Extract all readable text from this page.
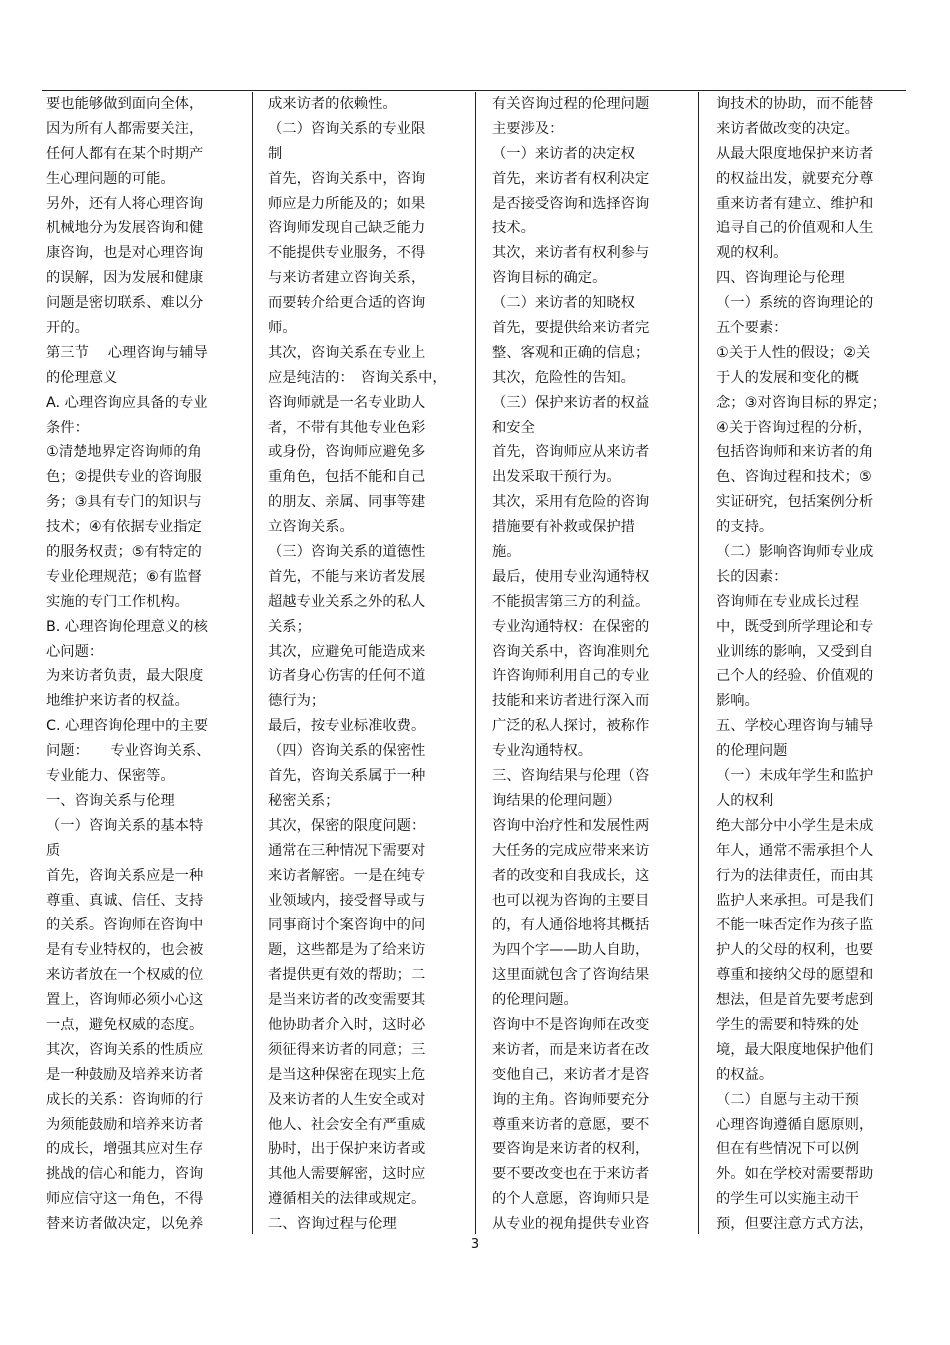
要也能够做到面向全体，
因为所有人都需要关注，
任何人都有在某个时期产
生心理问题的可能。
另外，还有人将心理咨询
机械地分为发展咨询和健
康咨询，也是对心理咨询
的误解，因为发展和健康
问题是密切联系、难以分
开的。
第三节　 心理咨询与辅导
的伦理意义
A. 心理咨询应具备的专业
条件：
①清楚地界定咨询师的角
色；②提供专业的咨询服
务；③具有专门的知识与
技术；④有依据专业指定
的服务权责；⑤有特定的
专业伦理规范；⑥有监督
实施的专门工作机构。
B. 心理咨询伦理意义的核
心问题：
为来访者负责，最大限度
地维护来访者的权益。
C. 心理咨询伦理中的主要
问题：　　专业咨询关系、
专业能力、保密等。
一、咨询关系与伦理
（一）咨询关系的基本特
质
首先，咨询关系应是一种
尊重、真诚、信任、支持
的关系。咨询师在咨询中
是有专业特权的，也会被
来访者放在一个权威的位
置上，咨询师必须小心这
一点，避免权威的态度。
其次，咨询关系的性质应
是一种鼓励及培养来访者
成长的关系：咨询师的行
为须能鼓励和培养来访者
的成长，增强其应对生存
挑战的信心和能力，咨询
师应信守这一角色，不得
替来访者做决定，以免养
成来访者的依赖性。
（二）咨询关系的专业限
制
首先，咨询关系中，咨询
师应是力所能及的；如果
咨询师发现自己缺乏能力
不能提供专业服务，不得
与来访者建立咨询关系，
而要转介给更合适的咨询
师。
其次，咨询关系在专业上
应是纯洁的：　咨询关系中，
咨询师就是一名专业助人
者，不带有其他专业色彩
或身份，咨询师应避免多
重角色，包括不能和自己
的朋友、亲属、同事等建
立咨询关系。
（三）咨询关系的道德性
首先，不能与来访者发展
超越专业关系之外的私人
关系；
其次，应避免可能造成来
访者身心伤害的任何不道
德行为；
最后，按专业标准收费。
（四）咨询关系的保密性
首先，咨询关系属于一种
秘密关系；
其次，保密的限度问题：
通常在三种情况下需要对
来访者解密。一是在纯专
业领域内，接受督导或与
同事商讨个案咨询中的问
题，这些都是为了给来访
者提供更有效的帮助；二
是当来访者的改变需要其
他协助者介入时，这时必
须征得来访者的同意；三
是当这种保密在现实上危
及来访者的人生安全或对
他人、社会安全有严重威
胁时，出于保护来访者或
其他人需要解密，这时应
遵循相关的法律或规定。
二、咨询过程与伦理
有关咨询过程的伦理问题
主要涉及：
（一）来访者的决定权
首先，来访者有权利决定
是否接受咨询和选择咨询
技术。
其次，来访者有权利参与
咨询目标的确定。
（二）来访者的知晓权
首先，要提供给来访者完
整、客观和正确的信息；
其次，危险性的告知。
（三）保护来访者的权益
和安全
首先，咨询师应从来访者
出发采取干预行为。
其次，采用有危险的咨询
措施要有补救或保护措
施。
最后，使用专业沟通特权
不能损害第三方的利益。
专业沟通特权：在保密的
咨询关系中，咨询准则允
许咨询师利用自己的专业
技能和来访者进行深入而
广泛的私人探讨，被称作
专业沟通特权。
三、咨询结果与伦理（咨
询结果的伦理问题）
咨询中治疗性和发展性两
大任务的完成应带来来访
者的改变和自我成长，这
也可以视为咨询的主要目
的，有人通俗地将其概括
为四个字——助人自助，
这里面就包含了咨询结果
的伦理问题。
咨询中不是咨询师在改变
来访者，而是来访者在改
变他自己，来访者才是咨
询的主角。咨询师要充分
尊重来访者的意愿，要不
要咨询是来访者的权利，
要不要改变也在于来访者
的个人意愿，咨询师只是
从专业的视角提供专业咨
询技术的协助，而不能替
来访者做改变的决定。
从最大限度地保护来访者
的权益出发，就要充分尊
重来访者有建立、维护和
追寻自己的价值观和人生
观的权利。
四、咨询理论与伦理
（一）系统的咨询理论的
五个要素：
①关于人性的假设；②关
于人的发展和变化的概
念；③对咨询目标的界定；
④关于咨询过程的分析，
包括咨询师和来访者的角
色、咨询过程和技术；⑤
实证研究，包括案例分析
的支持。
（二）影响咨询师专业成
长的因素：
咨询师在专业成长过程
中，既受到所学理论和专
业训练的影响，又受到自
己个人的经验、价值观的
影响。
五、学校心理咨询与辅导
的伦理问题
（一）未成年学生和监护
人的权利
绝大部分中小学生是未成
年人，通常不需承担个人
行为的法律责任，而由其
监护人来承担。可是我们
不能一味否定作为孩子监
护人的父母的权利，也要
尊重和接纳父母的愿望和
想法，但是首先要考虑到
学生的需要和特殊的处
境，最大限度地保护他们
的权益。
（二）自愿与主动干预
心理咨询遵循自愿原则，
但在有些情况下可以例
外。如在学校对需要帮助
的学生可以实施主动干
预，但要注意方式方法，
3
